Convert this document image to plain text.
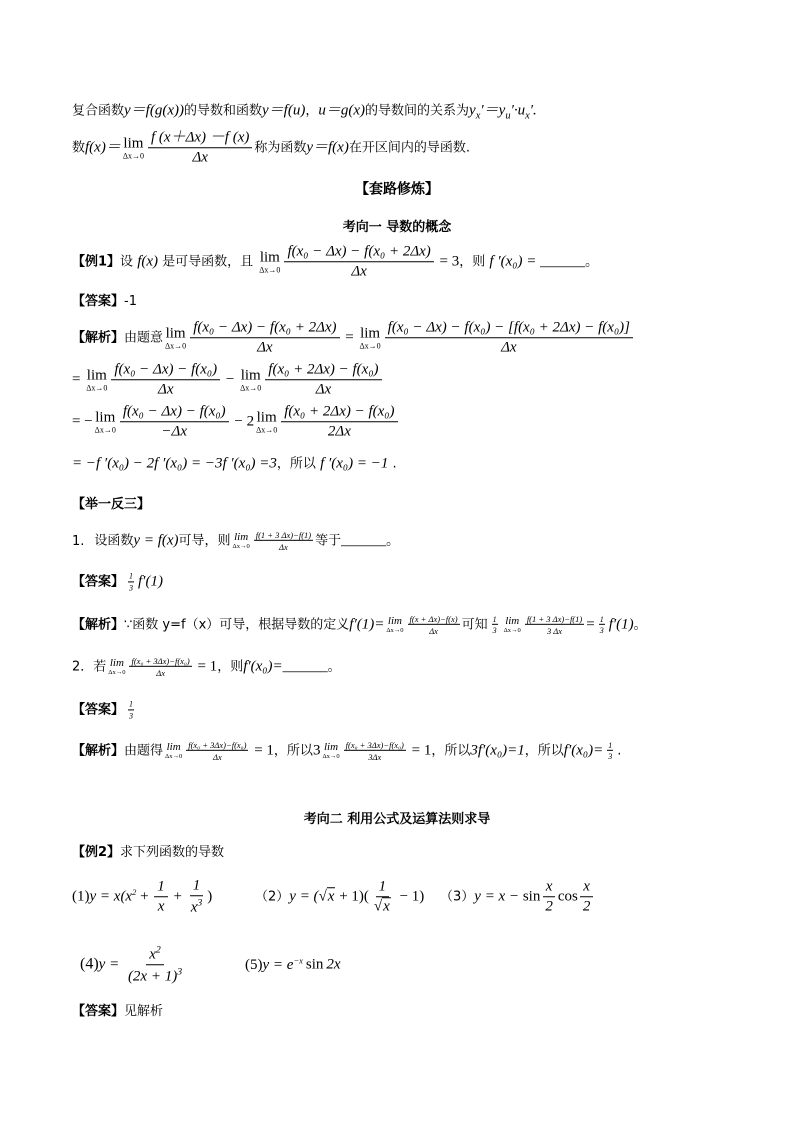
复合函数y＝f(g(x))的导数和函数y＝f(u)，u＝g(x)的导数间的关系为$y_x'=y_u'\cdot u_x'$.
数f(x)＝ lim
$\Delta x\to 0 \frac{f (x+\Delta x) -f (x)}{\Delta x}$ 称为函数y＝f(x)在开区间内的导函数.
【套路修炼】
考向一 导数的概念
【例1】设 f(x) 是可导函数，且 lim
$\Delta x\to 0 \frac{\text{f(x₀ − Δx) − f(x₀ + 2Δx)}}{\Delta x} = 3$，则 f ′(x₀) = ______。
【答案】-1
【解析】由题意 lim
$\Delta x\to 0 \frac{\text{f(x₀ − Δx) − f(x₀ + 2Δx)}}{\Delta x} = \lim$
$\Delta x\to 0 \frac{\text{f(x₀ − Δx) − f(x₀) − [f(x₀ + 2Δx) − f(x₀)]}}{\Delta x}$
= lim
$\Delta x\to 0 \frac{\text{f(x₀ − Δx) − f(x₀)}}{\Delta x} - \lim$
$\Delta x\to 0 \frac{\text{f(x₀ + 2Δx) − f(x₀)}}{\Delta x}$
= − lim
$\Delta x\to 0 \frac{\text{f(x₀ − Δx) − f(x₀)}}{-\Delta x} - 2$ lim
$\Delta x\to 0 \frac{\text{f(x₀ + 2Δx) − f(x₀)}}{2\Delta x}$
= −f ′(x₀) − 2f ′(x₀) = −3f ′(x₀) =3，所以 f ′(x₀) = −1 .
【举一反三】
1. 设函数y = f(x)可导，则 lim
$\Delta x\to 0 \frac{f(1 + 3 \Delta x)-f(1)}{\Delta x}$ 等于______。
【答案】 $\frac{1}{3} f'(1)$
【解析】∵函数 y=f（x）可导，根据导数的定义f′(1)= lim
$\Delta x\to 0 \frac{f(x + \Delta x)-f(x)}{\Delta x}$ 可知 $\frac{1}{3}$ lim
$\Delta x\to 0 \frac{f(1 + 3 \Delta x)-f(1)}{3 \Delta x} = \frac{1}{3} f'(1)$。
2．若 lim
$\Delta x\to 0 \frac{\text{f(x₀ + 3Δx)−f(x₀)}}{\Delta x} = 1$，则f′(x₀)=______。
【答案】 $\frac{1}{3}$
【解析】由题得 lim
$\Delta x\to 0 \frac{\text{f(x₀ + 3Δx)−f(x₀)}}{\Delta x} = 1$，所以3 lim
$\Delta x\to 0 \frac{\text{f(x₀ + 3Δx)−f(x₀)}}{3\Delta x} = 1$，所以3f′(x₀)=1，所以$f'(x_0)= \frac{1}{3}$ .
考向二 利用公式及运算法则求导
【例2】求下列函数的导数
$(1)y = x(x^2 + \frac{1}{x} + \frac{1}{x^3}$ )	$(2)y = (√x + 1)( \frac{1}{√x} - 1)$ $(3)y = x - \sin \frac{x}{2}$ $\cos \frac{x}{2}$
$(4)y = \frac{x^2}{(2x + 1)^3}$	$(5)y = e^{-x}$ sin 2x
【答案】见解析
